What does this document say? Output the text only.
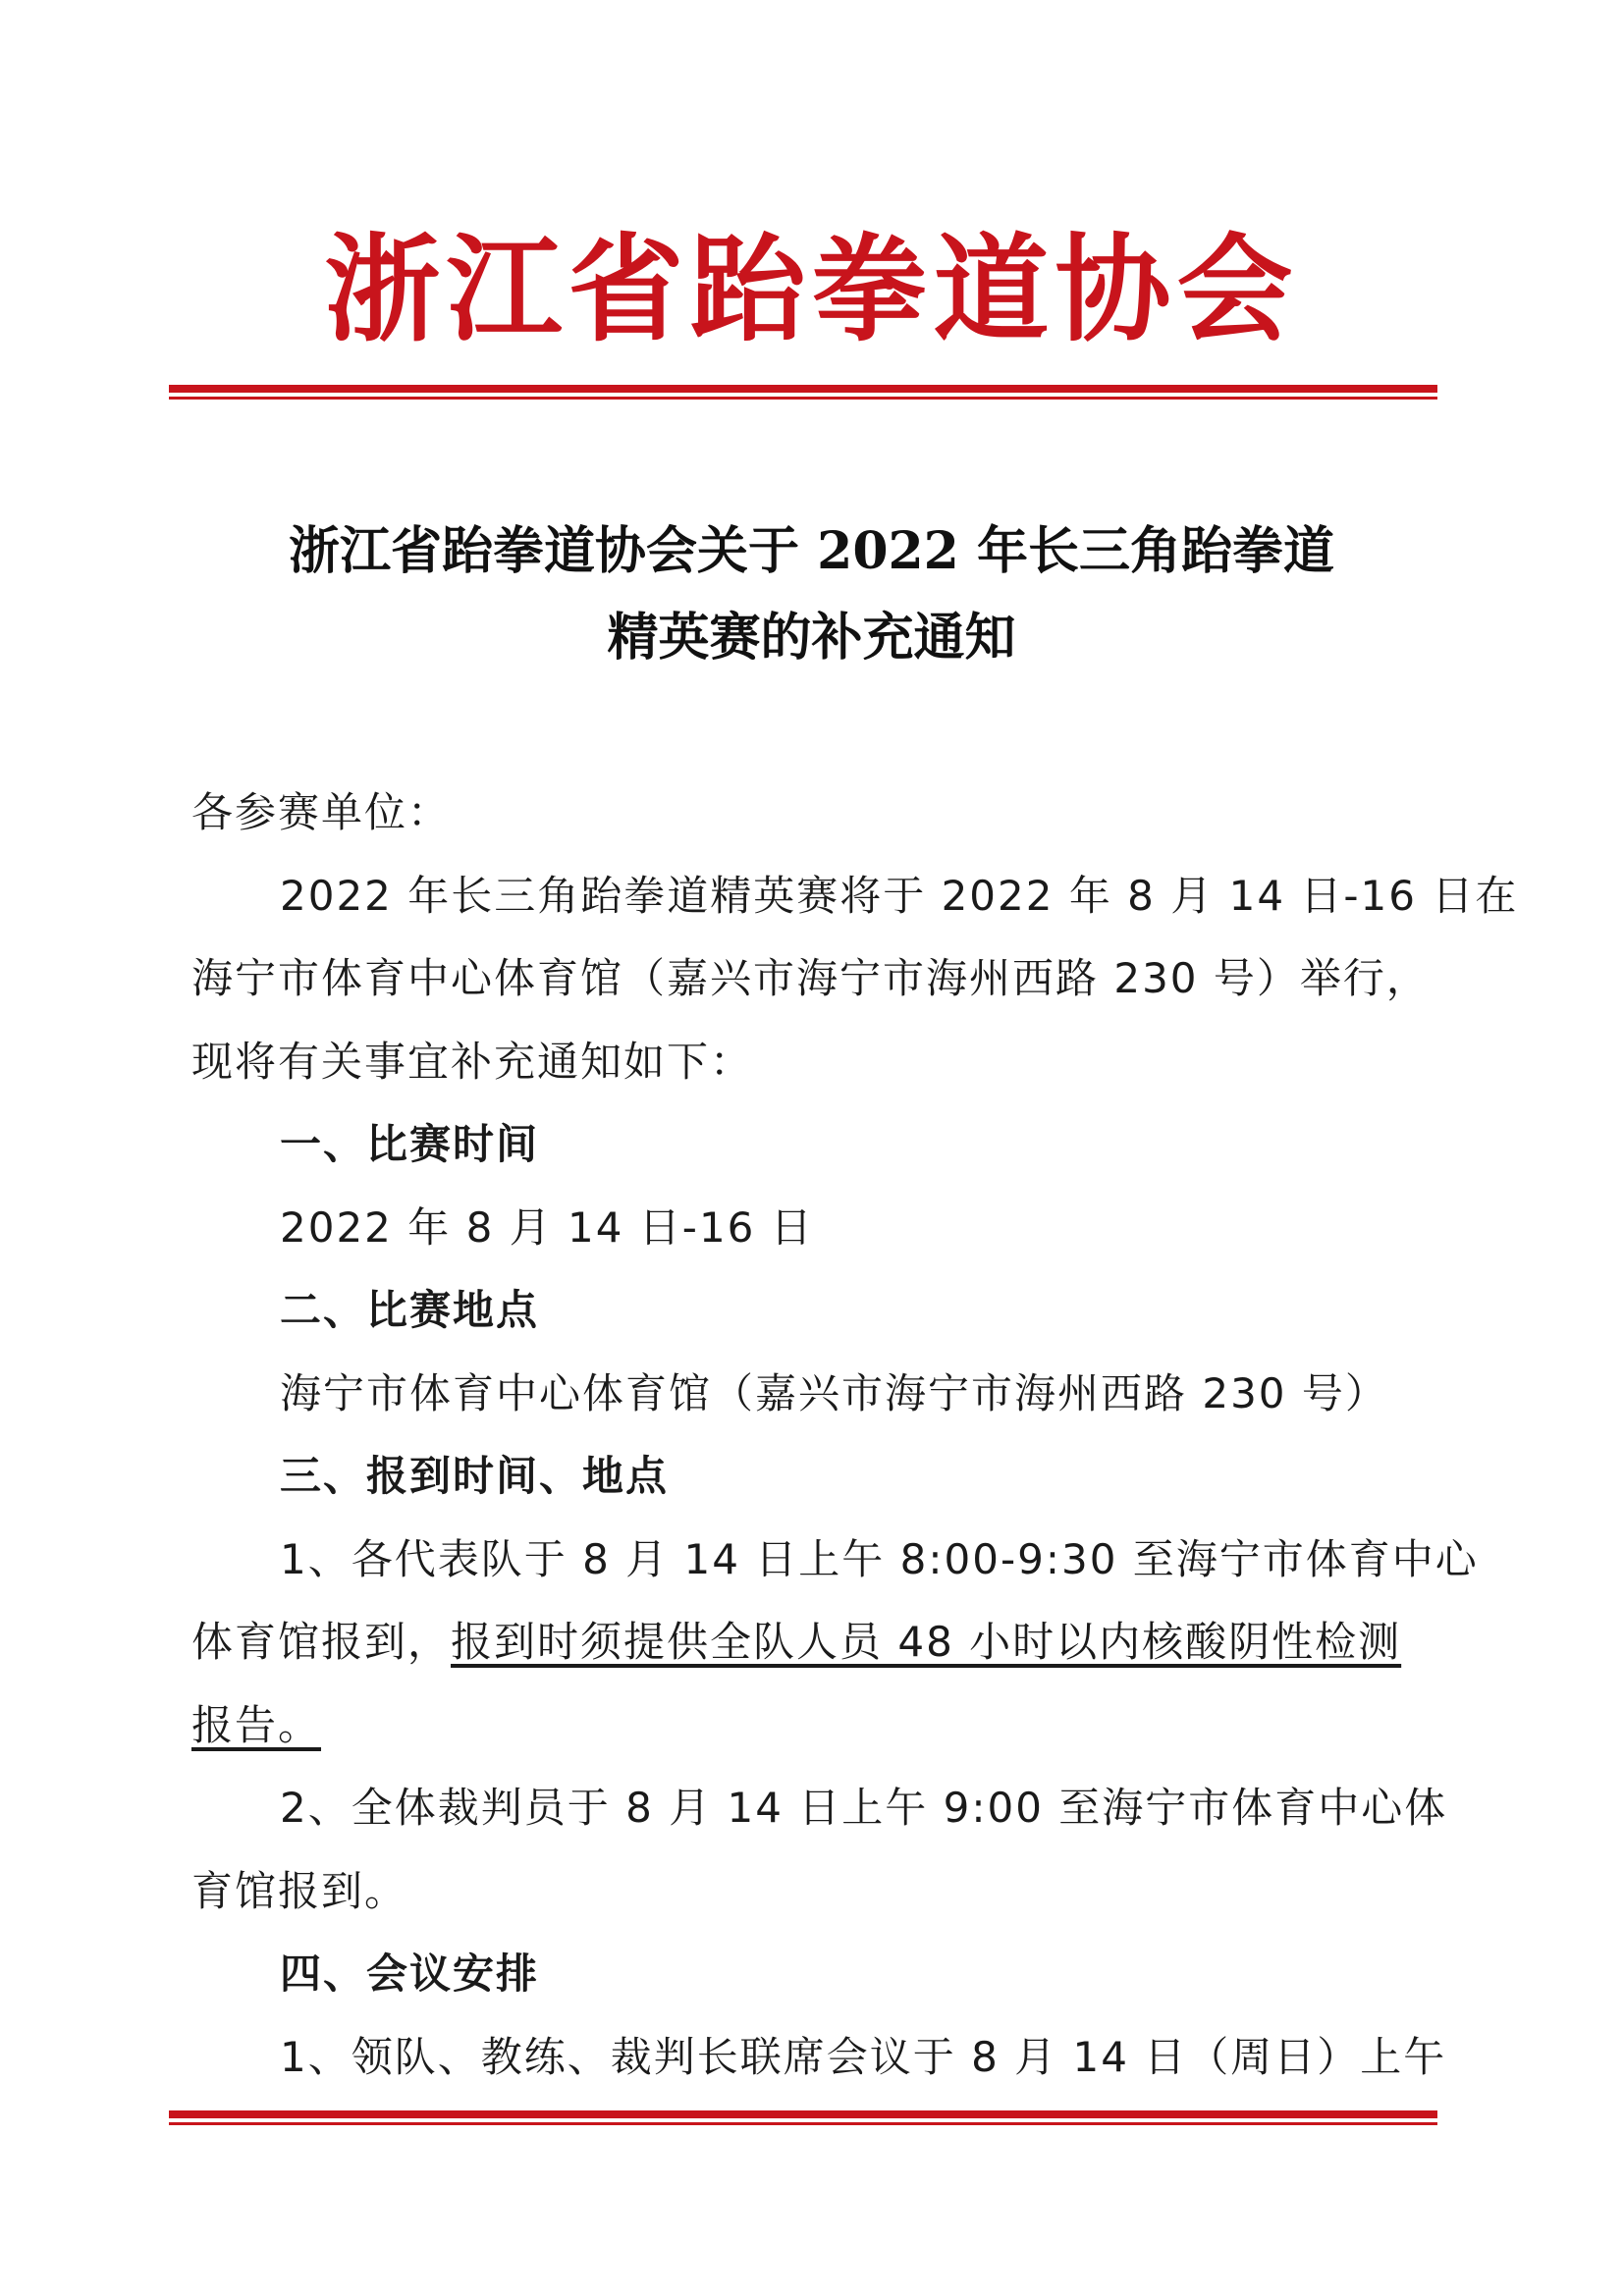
浙江省跆拳道协会
浙江省跆拳道协会关于 2022 年长三角跆拳道
精英赛的补充通知

各参赛单位：

2022 年长三角跆拳道精英赛将于 2022 年 8 月 14 日-16 日在

海宁市体育中心体育馆（嘉兴市海宁市海州西路 230 号）举行，

现将有关事宜补充通知如下：

一、比赛时间

2022 年 8 月 14 日-16 日

二、比赛地点

海宁市体育中心体育馆（嘉兴市海宁市海州西路 230 号）

三、报到时间、地点

1、各代表队于 8 月 14 日上午 8:00-9:30 至海宁市体育中心

体育馆报到，报到时须提供全队人员 48 小时以内核酸阴性检测

报告。

2、全体裁判员于 8 月 14 日上午 9:00 至海宁市体育中心体

育馆报到。

四、会议安排

1、领队、教练、裁判长联席会议于 8 月 14 日（周日）上午
